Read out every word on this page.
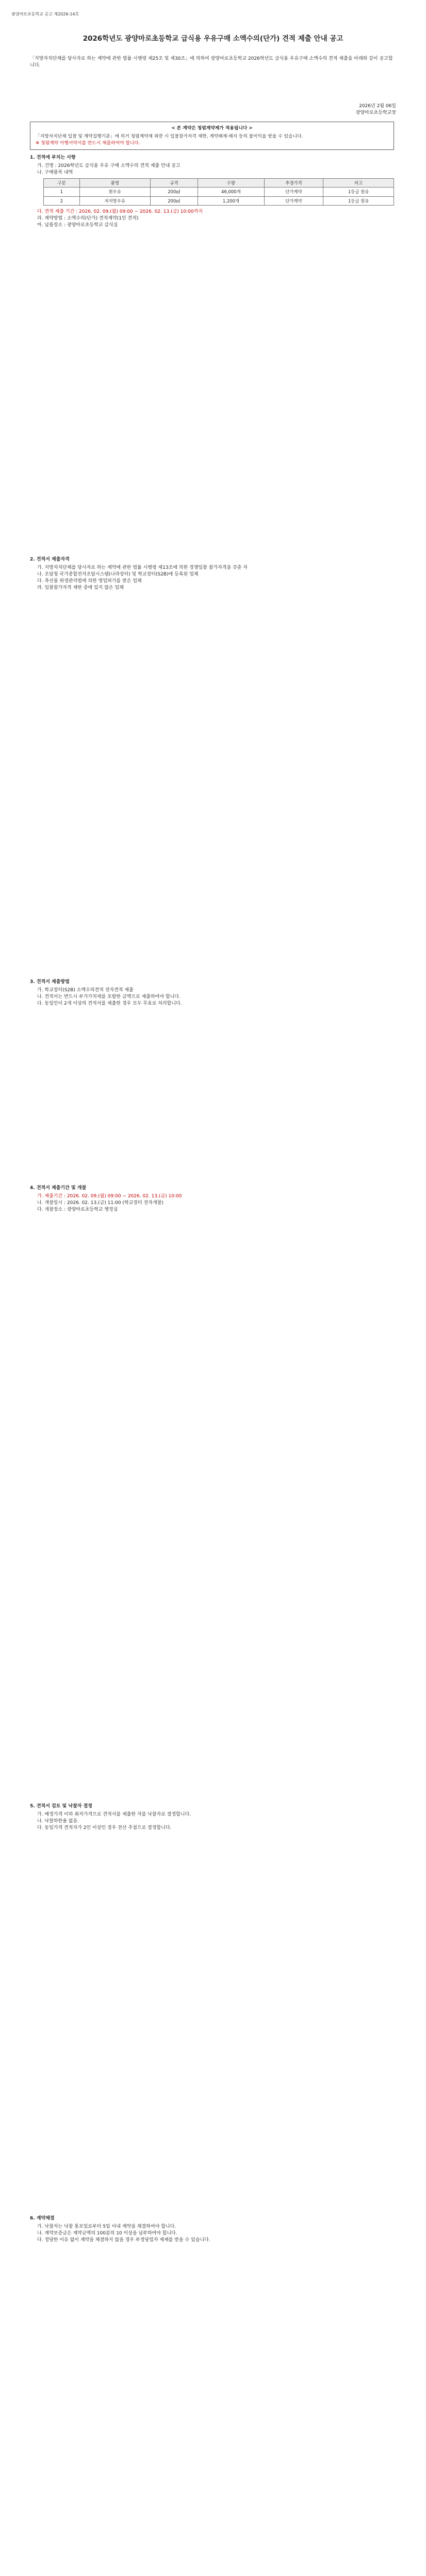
광양마로초등학교 공고 제2026-14호
2026학년도 광양마로초등학교 급식용 우유구매 소액수의(단가) 견적 제출 안내 공고
「지방자치단체를 당사자로 하는 계약에 관한 법률 시행령 제25조 및 제30조」에 의하여 광양마로초등학교 2026학년도 급식용 우유구매 소액수의 견적 제출을 아래와 같이 공고합니다.
2026년 2월 06일
광양마로초등학교장
< 본 계약은 청렴계약제가 적용됩니다 >
「지방자치단체 입찰 및 계약집행기준」에 의거 청렴계약제 위반 시 입찰참가자격 제한, 계약해제·해지 등의 불이익을 받을 수 있습니다.
※ 청렴계약 이행서약서를 반드시 제출하여야 합니다.
1. 견적에 부치는 사항
가. 건명 : 2026학년도 급식용 우유 구매 소액수의 견적 제출 안내 공고
나. 구매품목 내역
구분	품명	규격	수량	추정가격	비고
1	흰우유	200㎖	46,000개	단가계약	1등급 원유
2	저지방우유	200㎖	1,200개	단가계약	1등급 원유
다. 견적 제출 기간 : 2026. 02. 09.(월) 09:00 ~ 2026. 02. 13.(금) 10:00까지
라. 계약방법 : 소액수의(단가) 견적계약(1인 견적)
마. 납품장소 : 광양마로초등학교 급식실
2. 견적서 제출자격
가. 지방자치단체를 당사자로 하는 계약에 관한 법률 시행령 제13조에 의한 경쟁입찰 참가자격을 갖춘 자
나. 조달청 국가종합전자조달시스템(나라장터) 및 학교장터(S2B)에 등록된 업체
다. 축산물 위생관리법에 의한 영업허가를 받은 업체
라. 입찰참가자격 제한 중에 있지 않은 업체
3. 견적서 제출방법
가. 학교장터(S2B) 소액수의견적 전자견적 제출
나. 견적서는 반드시 부가가치세를 포함한 금액으로 제출하여야 합니다.
다. 동일인이 2개 이상의 견적서를 제출한 경우 모두 무효로 처리합니다.
4. 견적서 제출기간 및 개찰
가. 제출기간 : 2026. 02. 09.(월) 09:00 ~ 2026. 02. 13.(금) 10:00
나. 개찰일시 : 2026. 02. 13.(금) 11:00 (학교장터 전자개찰)
다. 개찰장소 : 광양마로초등학교 행정실
5. 견적서 검토 및 낙찰자 결정
가. 예정가격 이하 최저가격으로 견적서를 제출한 자를 낙찰자로 결정합니다.
나. 낙찰하한율 없음.
다. 동일가격 견적자가 2인 이상인 경우 전산 추첨으로 결정합니다.
6. 계약체결
가. 낙찰자는 낙찰 통보일로부터 5일 이내 계약을 체결하여야 합니다.
나. 계약보증금은 계약금액의 100분의 10 이상을 납부하여야 합니다.
다. 정당한 이유 없이 계약을 체결하지 않을 경우 부정당업자 제재를 받을 수 있습니다.
